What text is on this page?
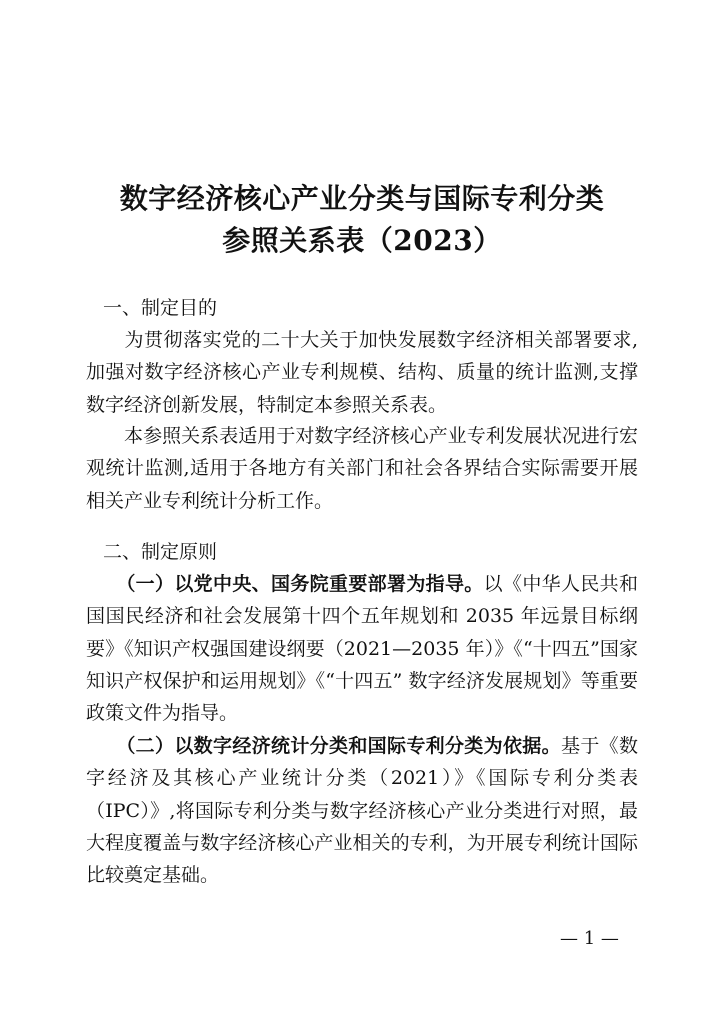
数字经济核心产业分类与国际专利分类
参照关系表（2023）
一、制定目的
为贯彻落实党的二十大关于加快发展数字经济相关部署要求,加强对数字经济核心产业专利规模、结构、质量的统计监测,支撑数字经济创新发展，特制定本参照关系表。
本参照关系表适用于对数字经济核心产业专利发展状况进行宏观统计监测,适用于各地方有关部门和社会各界结合实际需要开展相关产业专利统计分析工作。
二、制定原则
（一）以党中央、国务院重要部署为指导。以《中华人民共和国国民经济和社会发展第十四个五年规划和 2035 年远景目标纲要》《知识产权强国建设纲要（2021—2035 年）》《“十四五”国家知识产权保护和运用规划》《“十四五” 数字经济发展规划》等重要政策文件为指导。
（二）以数字经济统计分类和国际专利分类为依据。基于《数字经济及其核心产业统计分类（2021）》《国际专利分类表（IPC）》,将国际专利分类与数字经济核心产业分类进行对照，最大程度覆盖与数字经济核心产业相关的专利，为开展专利统计国际比较奠定基础。
— 1 —
